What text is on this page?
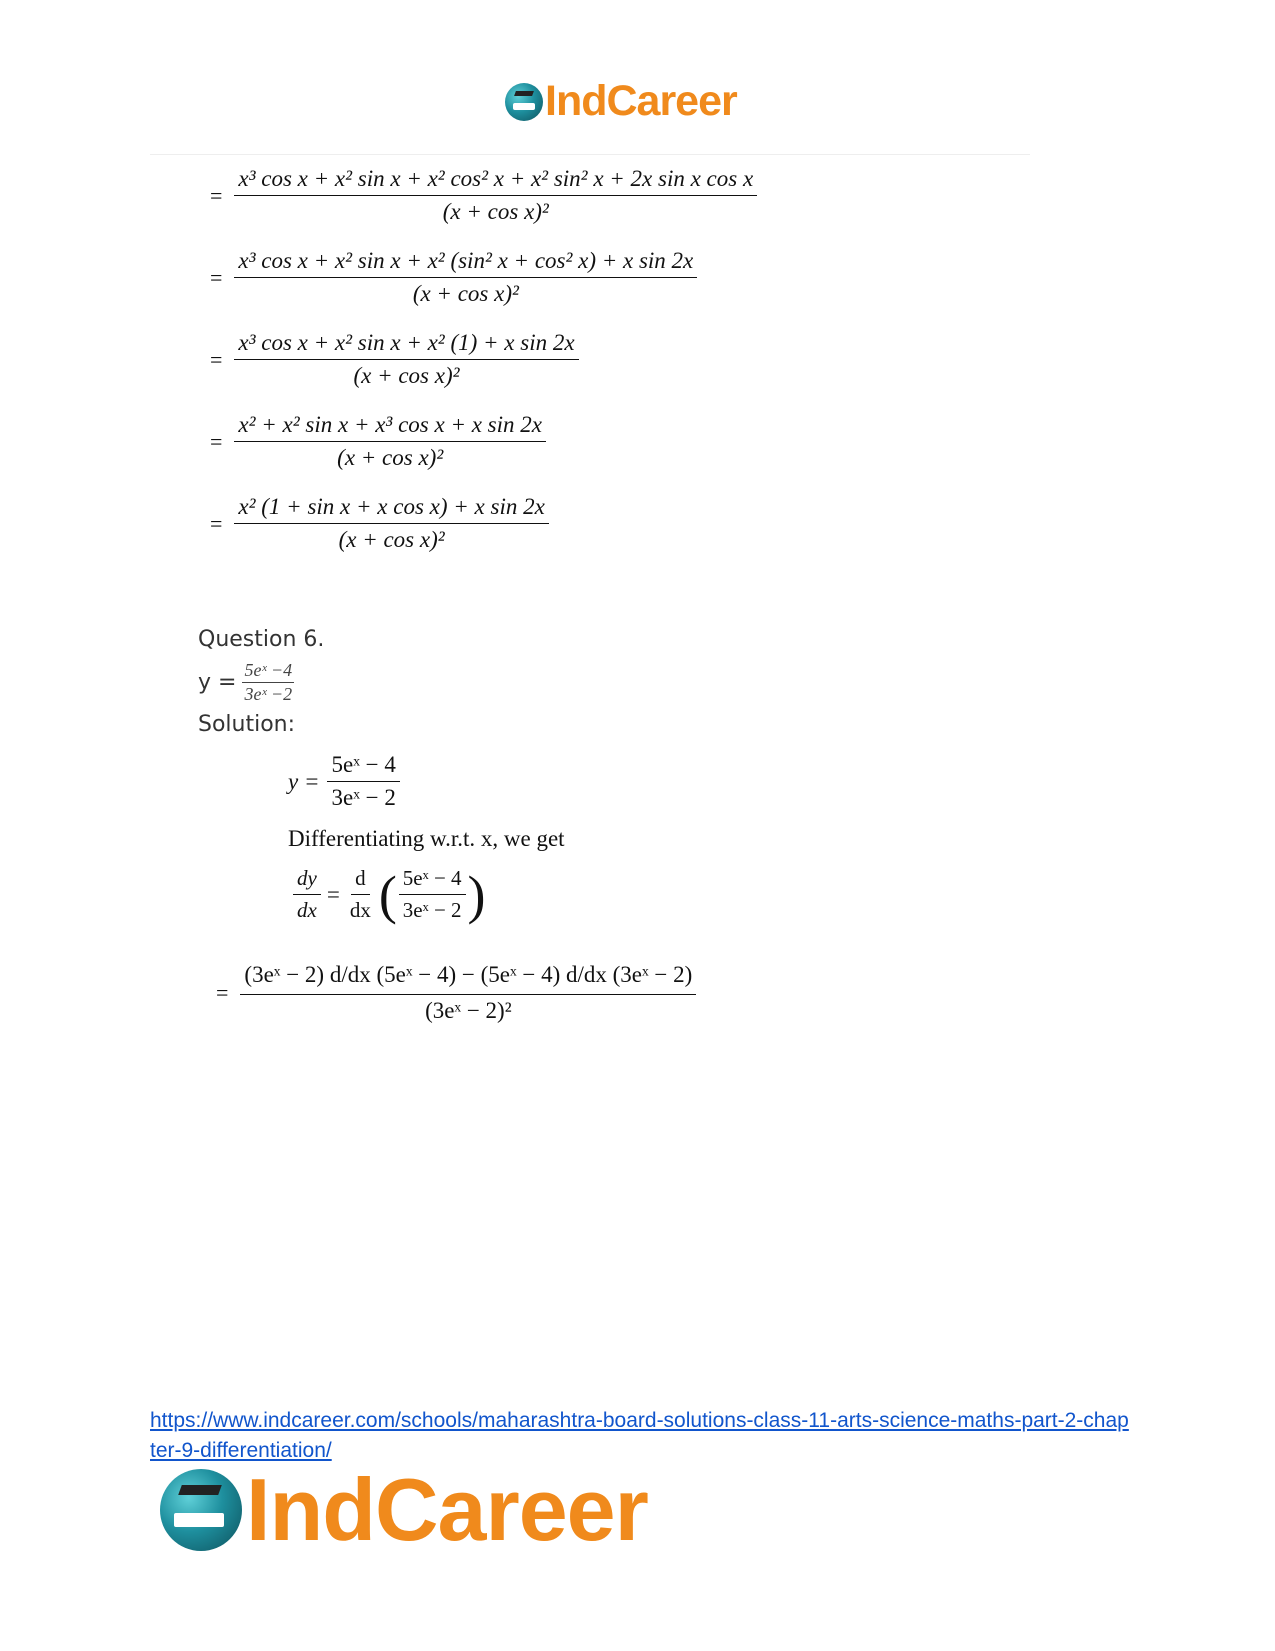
IndCareer
=
x³ cos x + x² sin x + x² cos² x + x² sin² x + 2x sin x cos x
(x + cos x)²
= $\frac{\text{x³ cos x + x² sin x + x² (sin² x + cos² x) + x sin 2x}}{\text{(x + cos x)²}}$
= $\frac{\text{x³ cos x + x² sin x + x² (1) + x sin 2x}}{\text{(x + cos x)²}}$
= $\frac{\text{x² + x² sin x + x³ cos x + x sin 2x}}{\text{(x + cos x)²}}$
= $\frac{\text{x² (1 + sin x + x cos x) + x sin 2x}}{\text{(x + cos x)²}}$
Question 6.
$y = \frac{\text{5eˣ −4}}{\text{3eˣ −2}}$
Solution:
$y = \frac{\text{5eˣ − 4}}{\text{3eˣ − 2}}$
Differentiating w.r.t. x, we get
$\frac{dy}{dx} = \frac{d}{dx}$ ( $\frac{\text{5eˣ − 4}}{\text{3eˣ − 2}}$ )
= $\frac{\text{(3eˣ − 2) d/dx (5eˣ − 4) − (5eˣ − 4) d/dx (3eˣ − 2)}}{\text{(3eˣ − 2)²}}$
https://www.indcareer.com/schools/maharashtra-board-solutions-class-11-arts-science-maths-part-2-chapter-9-differentiation/
IndCareer
